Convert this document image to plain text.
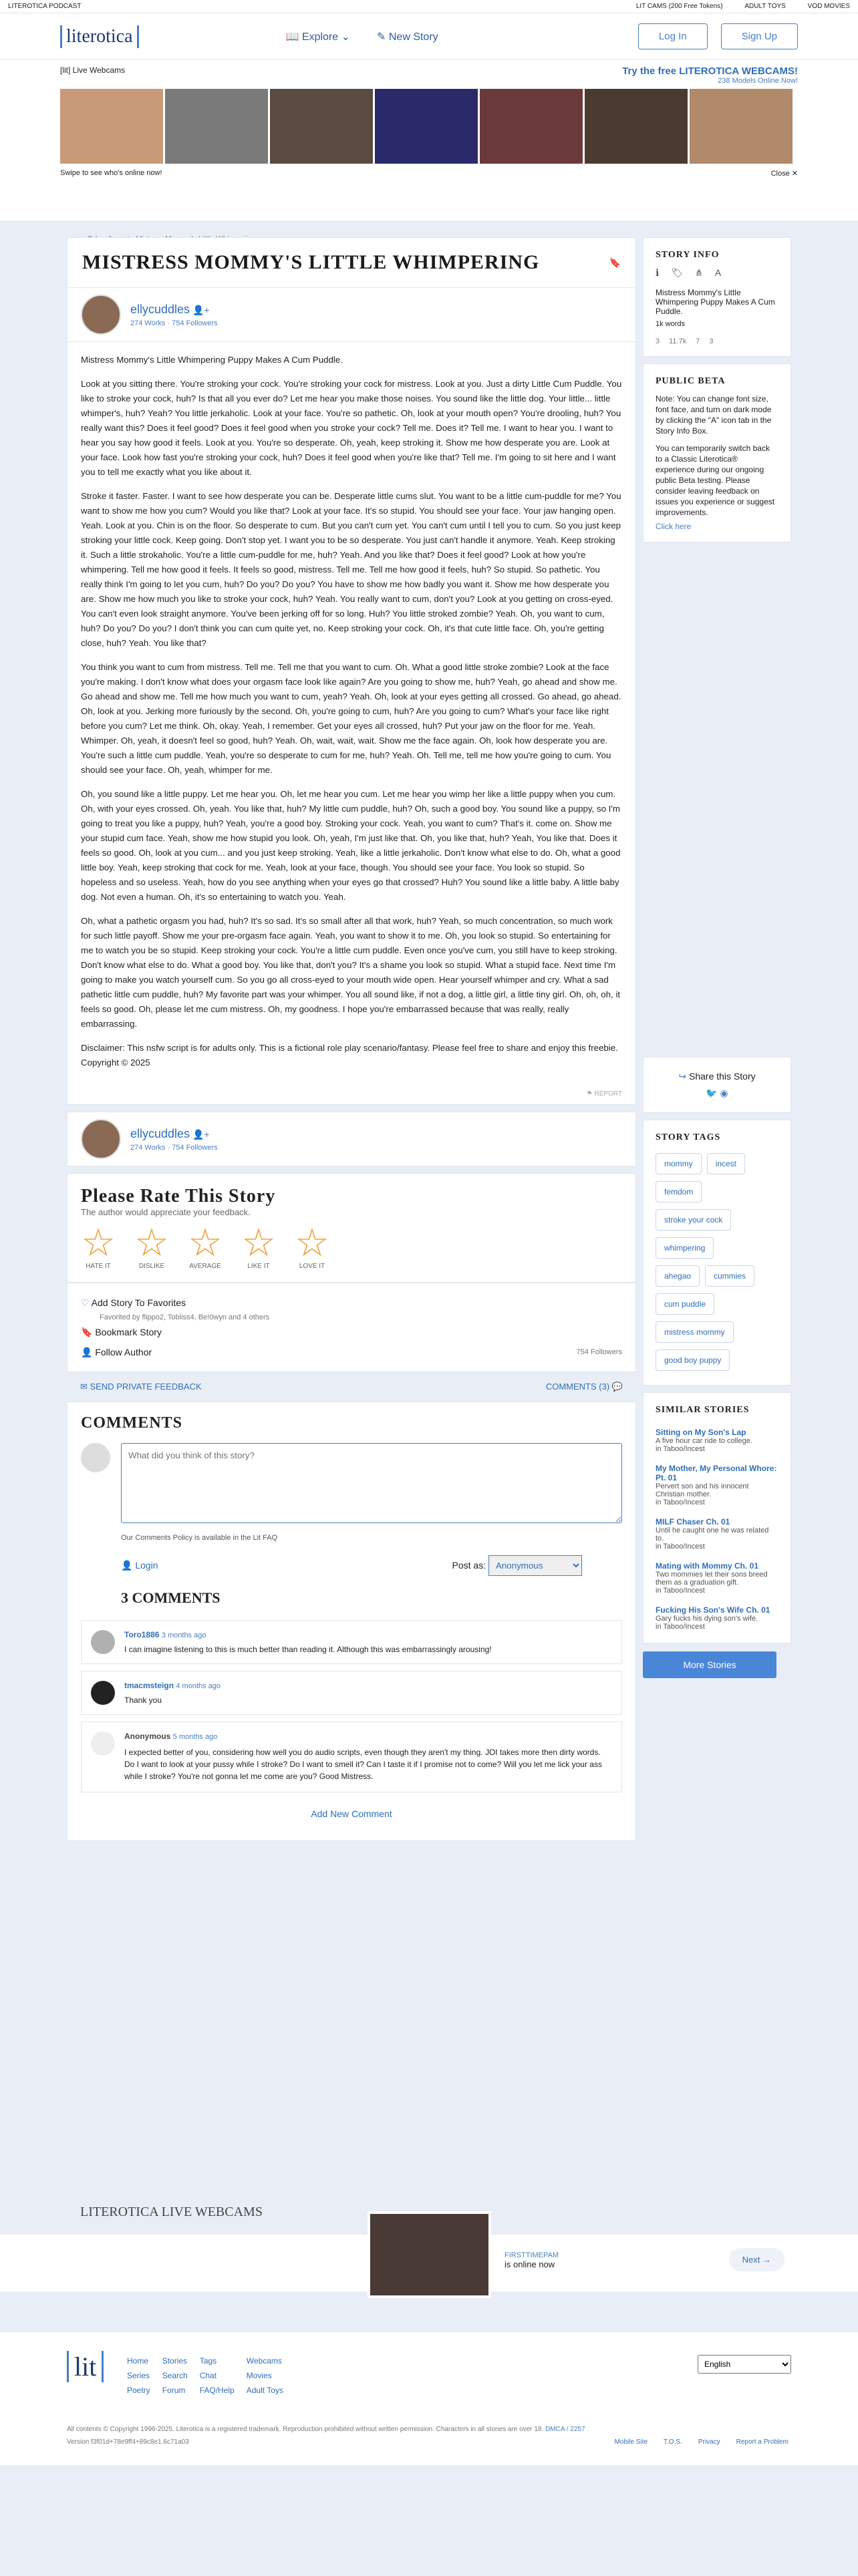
LITEROTICA PODCAST	LIT CAMS (200 Free Tokens)	ADULT TOYS	VOD MOVIES
literotica	📖 Explore ⌄	✎ New Story	Log In	Sign Up
[lit] Live Webcams	Try the free LITEROTICA WEBCAMS!
238 Models Online Now!
Swipe to see who's online now!	Close ✕
MISTRESS MOMMY'S LITTLE WHIMPERING	🔖
ellycuddles 👤+
274 Works · 754 Followers

Mistress Mommy's Little Whimpering Puppy Makes A Cum Puddle.

Look at you sitting there. You're stroking your cock. You're stroking your cock for mistress. Look at you. Just a dirty Little Cum Puddle. You like to stroke your cock, huh? Is that all you ever do? Let me hear you make those noises. You sound like the little dog. Your little... little whimper's, huh? Yeah? You little jerkaholic. Look at your face. You're so pathetic. Oh, look at your mouth open? You're drooling, huh? You really want this? Does it feel good? Does it feel good when you stroke your cock? Tell me. Does it? Tell me. I want to hear you. I want to hear you say how good it feels. Look at you. You're so desperate. Oh, yeah, keep stroking it. Show me how desperate you are. Look at your face. Look how fast you're stroking your cock, huh? Does it feel good when you're like that? Tell me. I'm going to sit here and I want you to tell me exactly what you like about it.

Stroke it faster. Faster. I want to see how desperate you can be. Desperate little cums slut. You want to be a little cum-puddle for me? You want to show me how you cum? Would you like that? Look at your face. It's so stupid. You should see your face. Your jaw hanging open. Yeah. Look at you. Chin is on the floor. So desperate to cum. But you can't cum yet. You can't cum until I tell you to cum. So you just keep stroking your little cock. Keep going. Don't stop yet. I want you to be so desperate. You just can't handle it anymore. Yeah. Keep stroking it. Such a little strokaholic. You're a little cum-puddle for me, huh? Yeah. And you like that? Does it feel good? Look at how you're whimpering. Tell me how good it feels. It feels so good, mistress. Tell me. Tell me how good it feels, huh? So stupid. So pathetic. You really think I'm going to let you cum, huh? Do you? Do you? You have to show me how badly you want it. Show me how desperate you are. Show me how much you like to stroke your cock, huh? Yeah. You really want to cum, don't you? Look at you getting on cross-eyed. You can't even look straight anymore. You've been jerking off for so long. Huh? You little stroked zombie? Yeah. Oh, you want to cum, huh? Do you? Do you? I don't think you can cum quite yet, no. Keep stroking your cock. Oh, it's that cute little face. Oh, you're getting close, huh? Yeah. You like that?

You think you want to cum from mistress. Tell me. Tell me that you want to cum. Oh. What a good little stroke zombie? Look at the face you're making. I don't know what does your orgasm face look like again? Are you going to show me, huh? Yeah, go ahead and show me. Go ahead and show me. Tell me how much you want to cum, yeah? Yeah. Oh, look at your eyes getting all crossed. Go ahead, go ahead. Oh, look at you. Jerking more furiously by the second. Oh, you're going to cum, huh? Are you going to cum? What's your face like right before you cum? Let me think. Oh, okay. Yeah, I remember. Get your eyes all crossed, huh? Put your jaw on the floor for me. Yeah. Whimper. Oh, yeah, it doesn't feel so good, huh? Yeah. Oh, wait, wait, wait. Show me the face again. Oh, look how desperate you are. You're such a little cum puddle. Yeah, you're so desperate to cum for me, huh? Yeah. Oh. Tell me, tell me how you're going to cum. You should see your face. Oh, yeah, whimper for me.

Oh, you sound like a little puppy. Let me hear you. Oh, let me hear you cum. Let me hear you wimp her like a little puppy when you cum. Oh, with your eyes crossed. Oh, yeah. You like that, huh? My little cum puddle, huh? Oh, such a good boy. You sound like a puppy, so I'm going to treat you like a puppy, huh? Yeah, you're a good boy. Stroking your cock. Yeah, you want to cum? That's it. come on. Show me your stupid cum face. Yeah, show me how stupid you look. Oh, yeah, I'm just like that. Oh, you like that, huh? Yeah, You like that. Does it feels so good. Oh, look at you cum... and you just keep stroking. Yeah, like a little jerkaholic. Don't know what else to do. Oh, what a good little boy. Yeah, keep stroking that cock for me. Yeah, look at your face, though. You should see your face. You look so stupid. So hopeless and so useless. Yeah, how do you see anything when your eyes go that crossed? Huh? You sound like a little baby. A little baby dog. Not even a human. Oh, it's so entertaining to watch you. Yeah.

Oh, what a pathetic orgasm you had, huh? It's so sad. It's so small after all that work, huh? Yeah, so much concentration, so much work for such little payoff. Show me your pre-orgasm face again. Yeah, you want to show it to me. Oh, you look so stupid. So entertaining for me to watch you be so stupid. Keep stroking your cock. You're a little cum puddle. Even once you've cum, you still have to keep stroking. Don't know what else to do. What a good boy. You like that, don't you? It's a shame you look so stupid. What a stupid face. Next time I'm going to make you watch yourself cum. So you go all cross-eyed to your mouth wide open. Hear yourself whimper and cry. What a sad pathetic little cum puddle, huh? My favorite part was your whimper. You all sound like, if not a dog, a little girl, a little tiny girl. Oh, oh, oh, it feels so good. Oh, please let me cum mistress. Oh, my goodness. I hope you're embarrassed because that was really, really embarrassing.

Disclaimer: This nsfw script is for adults only. This is a fictional role play scenario/fantasy. Please feel free to share and enjoy this freebie. Copyright © 2025

⚑ REPORT
ellycuddles 👤+
274 Works · 754 Followers
Please Rate This Story
The author would appreciate your feedback.
☆
HATE IT
☆
DISLIKE
☆
AVERAGE
☆
LIKE IT
☆
LOVE IT
♡ Add Story To Favorites
Favorited by flippo2, Tobliss4, Be!0wyn and 4 others
🔖 Bookmark Story
👤 Follow Author	754 Followers
✉ SEND PRIVATE FEEDBACK	COMMENTS (3) 💬
COMMENTS
What did you think of this story?
Our Comments Policy is available in the Lit FAQ
👤 Login	Post as:
Anonymous
3 COMMENTS
Toro1886 3 months ago

I can imagine listening to this is much better than reading it. Although this was embarrassingly arousing!

tmacmsteign 4 months ago

Thank you

Anonymous 5 months ago

I expected better of you, considering how well you do audio scripts, even though they aren't my thing. JOI takes more then dirty words. Do I want to look at your pussy while I stroke? Do I want to smell it? Can I taste it if I promise not to come? Will you let me lick your ass while I stroke? You're not gonna let me come are you? Good Mistress.

Add New Comment
STORY INFO
ℹ 🏷 ⋔ A

Mistress Mommy's Little Whimpering Puppy Makes A Cum Puddle.

1k words
3 11.7k 7 3
PUBLIC BETA

Note: You can change font size, font face, and turn on dark mode by clicking the "A" icon tab in the Story Info Box.

You can temporarily switch back to a Classic Literotica® experience during our ongoing public Beta testing. Please consider leaving feedback on issues you experience or suggest improvements.

Click here
↪ Share this Story
🐦 ◉
STORY TAGS
mommy	incest
femdom
stroke your cock
whimpering
ahegao	cummies
cum puddle
mistress mommy
good boy puppy
SIMILAR STORIES
Sitting on My Son's Lap
A five hour car ride to college.
in Taboo/Incest
My Mother, My Personal Whore: Pt. 01
Pervert son and his innocent Christian mother.
in Taboo/Incest
MILF Chaser Ch. 01
Until he caught one he was related to.
in Taboo/Incest
Mating with Mommy Ch. 01
Two mommies let their sons breed them as a graduation gift.
in Taboo/Incest
Fucking His Son's Wife Ch. 01
Gary fucks his dying son's wife.
in Taboo/Incest
More Stories
LITEROTICA LIVE WEBCAMS
FIRSTTIMEPAM
is online now	Next →
lit	Home Stories Tags	Webcams
Series Search Chat	Movies
Poetry Forum FAQ/Help Adult Toys
English
All contents © Copyright 1996-2025. Literotica is a registered trademark. Reproduction prohibited without written permission. Characters in all stories are over 18. DMCA / 2257
Version f3f01d+78e9ff4+89c8e1.6c71a03	Mobile Site T.O.S. Privacy Report a Problem
